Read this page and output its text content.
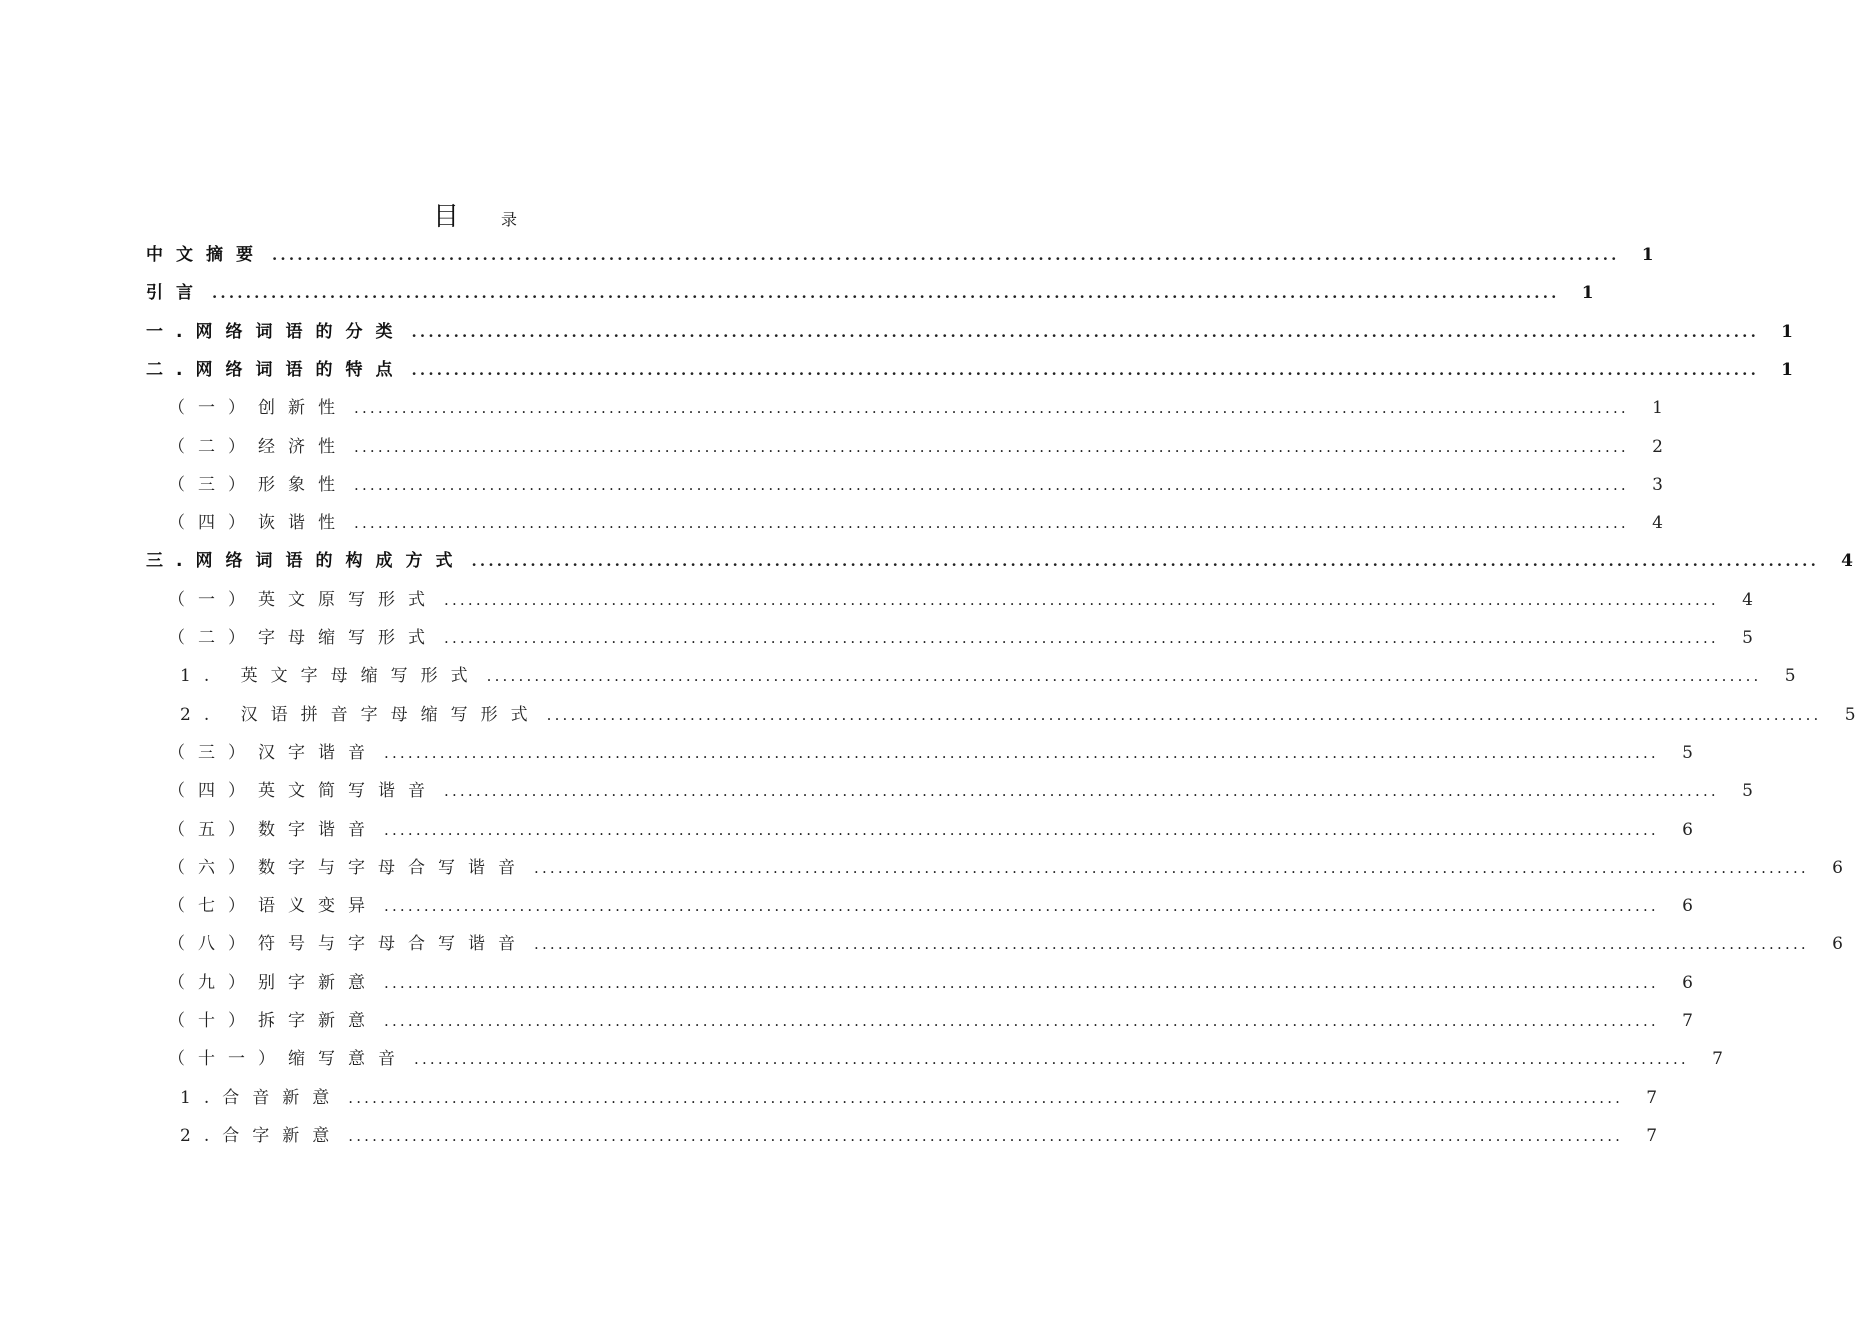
目	录
中文摘要 ................................................................................................................................................................ 1
引言 ................................................................................................................................................................ 1
一.网络词语的分类 ................................................................................................................................................................ 1
二.网络词语的特点 ................................................................................................................................................................ 1
（一）创新性 ................................................................................................................................................................ 1
（二）经济性 ................................................................................................................................................................ 2
（三）形象性 ................................................................................................................................................................ 3
（四）诙谐性 ................................................................................................................................................................ 4
三.网络词语的构成方式 ................................................................................................................................................................ 4
（一）英文原写形式 ................................................................................................................................................................ 4
（二）字母缩写形式 ................................................................................................................................................................ 5
1. 英文字母缩写形式 ................................................................................................................................................................ 5
2. 汉语拼音字母缩写形式 ................................................................................................................................................................ 5
（三）汉字谐音 ................................................................................................................................................................ 5
（四）英文简写谐音 ................................................................................................................................................................ 5
（五）数字谐音 ................................................................................................................................................................ 6
（六）数字与字母合写谐音 ................................................................................................................................................................ 6
（七）语义变异 ................................................................................................................................................................ 6
（八）符号与字母合写谐音 ................................................................................................................................................................ 6
（九）别字新意 ................................................................................................................................................................ 6
（十）拆字新意 ................................................................................................................................................................ 7
（十一）缩写意音 ................................................................................................................................................................ 7
1.合音新意 ................................................................................................................................................................ 7
2.合字新意 ................................................................................................................................................................ 7
